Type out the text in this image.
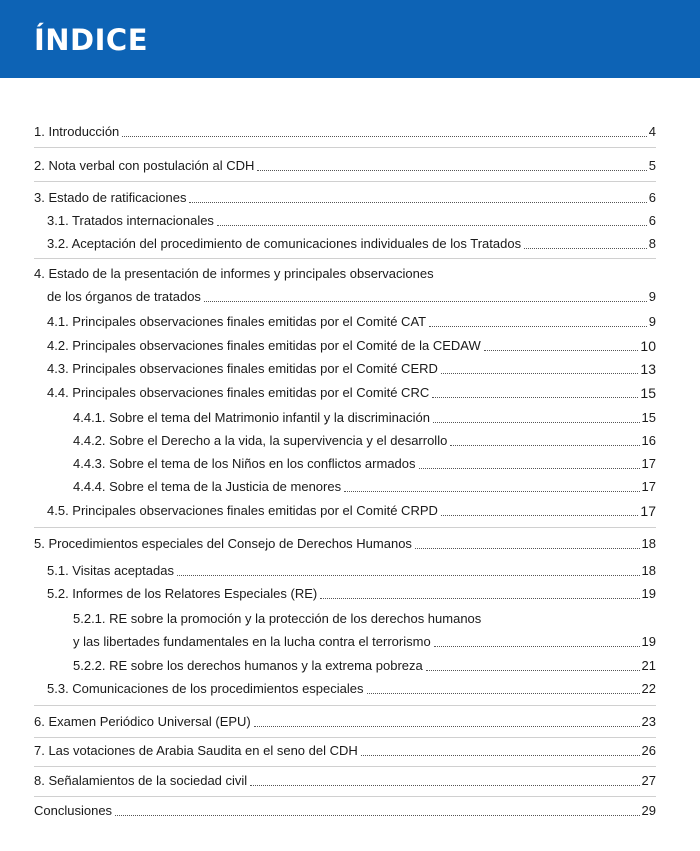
ÍNDICE
1. Introducción	4
2. Nota verbal con postulación al CDH	5
3. Estado de ratificaciones	6
3.1. Tratados internacionales	6
3.2. Aceptación del procedimiento de comunicaciones individuales de los Tratados	8
4. Estado de la presentación de informes y principales observaciones
de los órganos de tratados	9
4.1. Principales observaciones finales emitidas por el Comité CAT	9
4.2. Principales observaciones finales emitidas por el Comité de la CEDAW	10
4.3. Principales observaciones finales emitidas por el Comité CERD	13
4.4. Principales observaciones finales emitidas por el Comité CRC	15
4.4.1. Sobre el tema del Matrimonio infantil y la discriminación	15
4.4.2. Sobre el Derecho a la vida, la supervivencia y el desarrollo	16
4.4.3. Sobre el tema de los Niños en los conflictos armados	17
4.4.4. Sobre el tema de la Justicia de menores	17
4.5. Principales observaciones finales emitidas por el Comité CRPD	17
5. Procedimientos especiales del Consejo de Derechos Humanos	18
5.1. Visitas aceptadas	18
5.2. Informes de los Relatores Especiales (RE)	19
5.2.1. RE sobre la promoción y la protección de los derechos humanos
y las libertades fundamentales en la lucha contra el terrorismo	19
5.2.2. RE sobre los derechos humanos y la extrema pobreza	21
5.3. Comunicaciones de los procedimientos especiales	22
6. Examen Periódico Universal (EPU)	23
7. Las votaciones de Arabia Saudita en el seno del CDH	26
8. Señalamientos de la sociedad civil	27
Conclusiones	29
